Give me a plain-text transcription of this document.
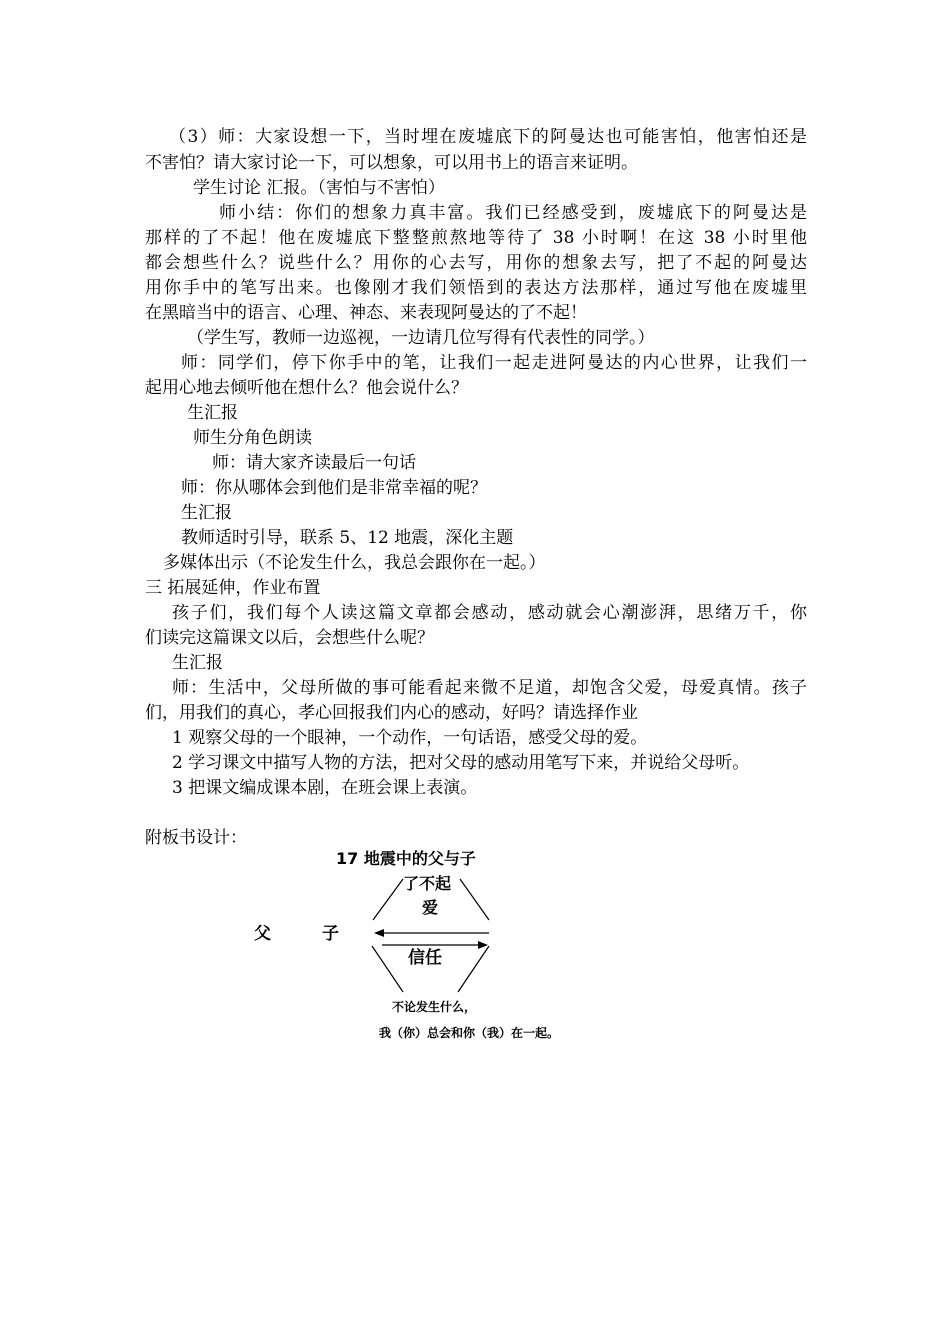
（3）师：大家设想一下，当时埋在废墟底下的阿曼达也可能害怕，他害怕还是
不害怕？请大家讨论一下，可以想象，可以用书上的语言来证明。
学生讨论 汇报。（害怕与不害怕）
师小结：你们的想象力真丰富。我们已经感受到，废墟底下的阿曼达是
那样的了不起！他在废墟底下整整煎熬地等待了 38 小时啊！在这 38 小时里他
都会想些什么？说些什么？用你的心去写，用你的想象去写，把了不起的阿曼达
用你手中的笔写出来。也像刚才我们领悟到的表达方法那样，通过写他在废墟里
在黑暗当中的语言、心理、神态、来表现阿曼达的了不起！
（学生写，教师一边巡视，一边请几位写得有代表性的同学。）
师：同学们，停下你手中的笔，让我们一起走进阿曼达的内心世界，让我们一
起用心地去倾听他在想什么？他会说什么？
生汇报
师生分角色朗读
师：请大家齐读最后一句话
师：你从哪体会到他们是非常幸福的呢？
生汇报
教师适时引导，联系 5、12 地震，深化主题
多媒体出示（不论发生什么，我总会跟你在一起。）
三 拓展延伸，作业布置
孩子们，我们每个人读这篇文章都会感动，感动就会心潮澎湃，思绪万千，你
们读完这篇课文以后，会想些什么呢？
生汇报
师：生活中，父母所做的事可能看起来微不足道，却饱含父爱，母爱真情。孩子
们，用我们的真心，孝心回报我们内心的感动，好吗？请选择作业
1 观察父母的一个眼神，一个动作，一句话语，感受父母的爱。
2 学习课文中描写人物的方法，把对父母的感动用笔写下来，并说给父母听。
3 把课文编成课本剧，在班会课上表演。
附板书设计：
17 地震中的父与子
了不起
爱
父	子
信任
不论发生什么，
我（你）总会和你（我）在一起。
